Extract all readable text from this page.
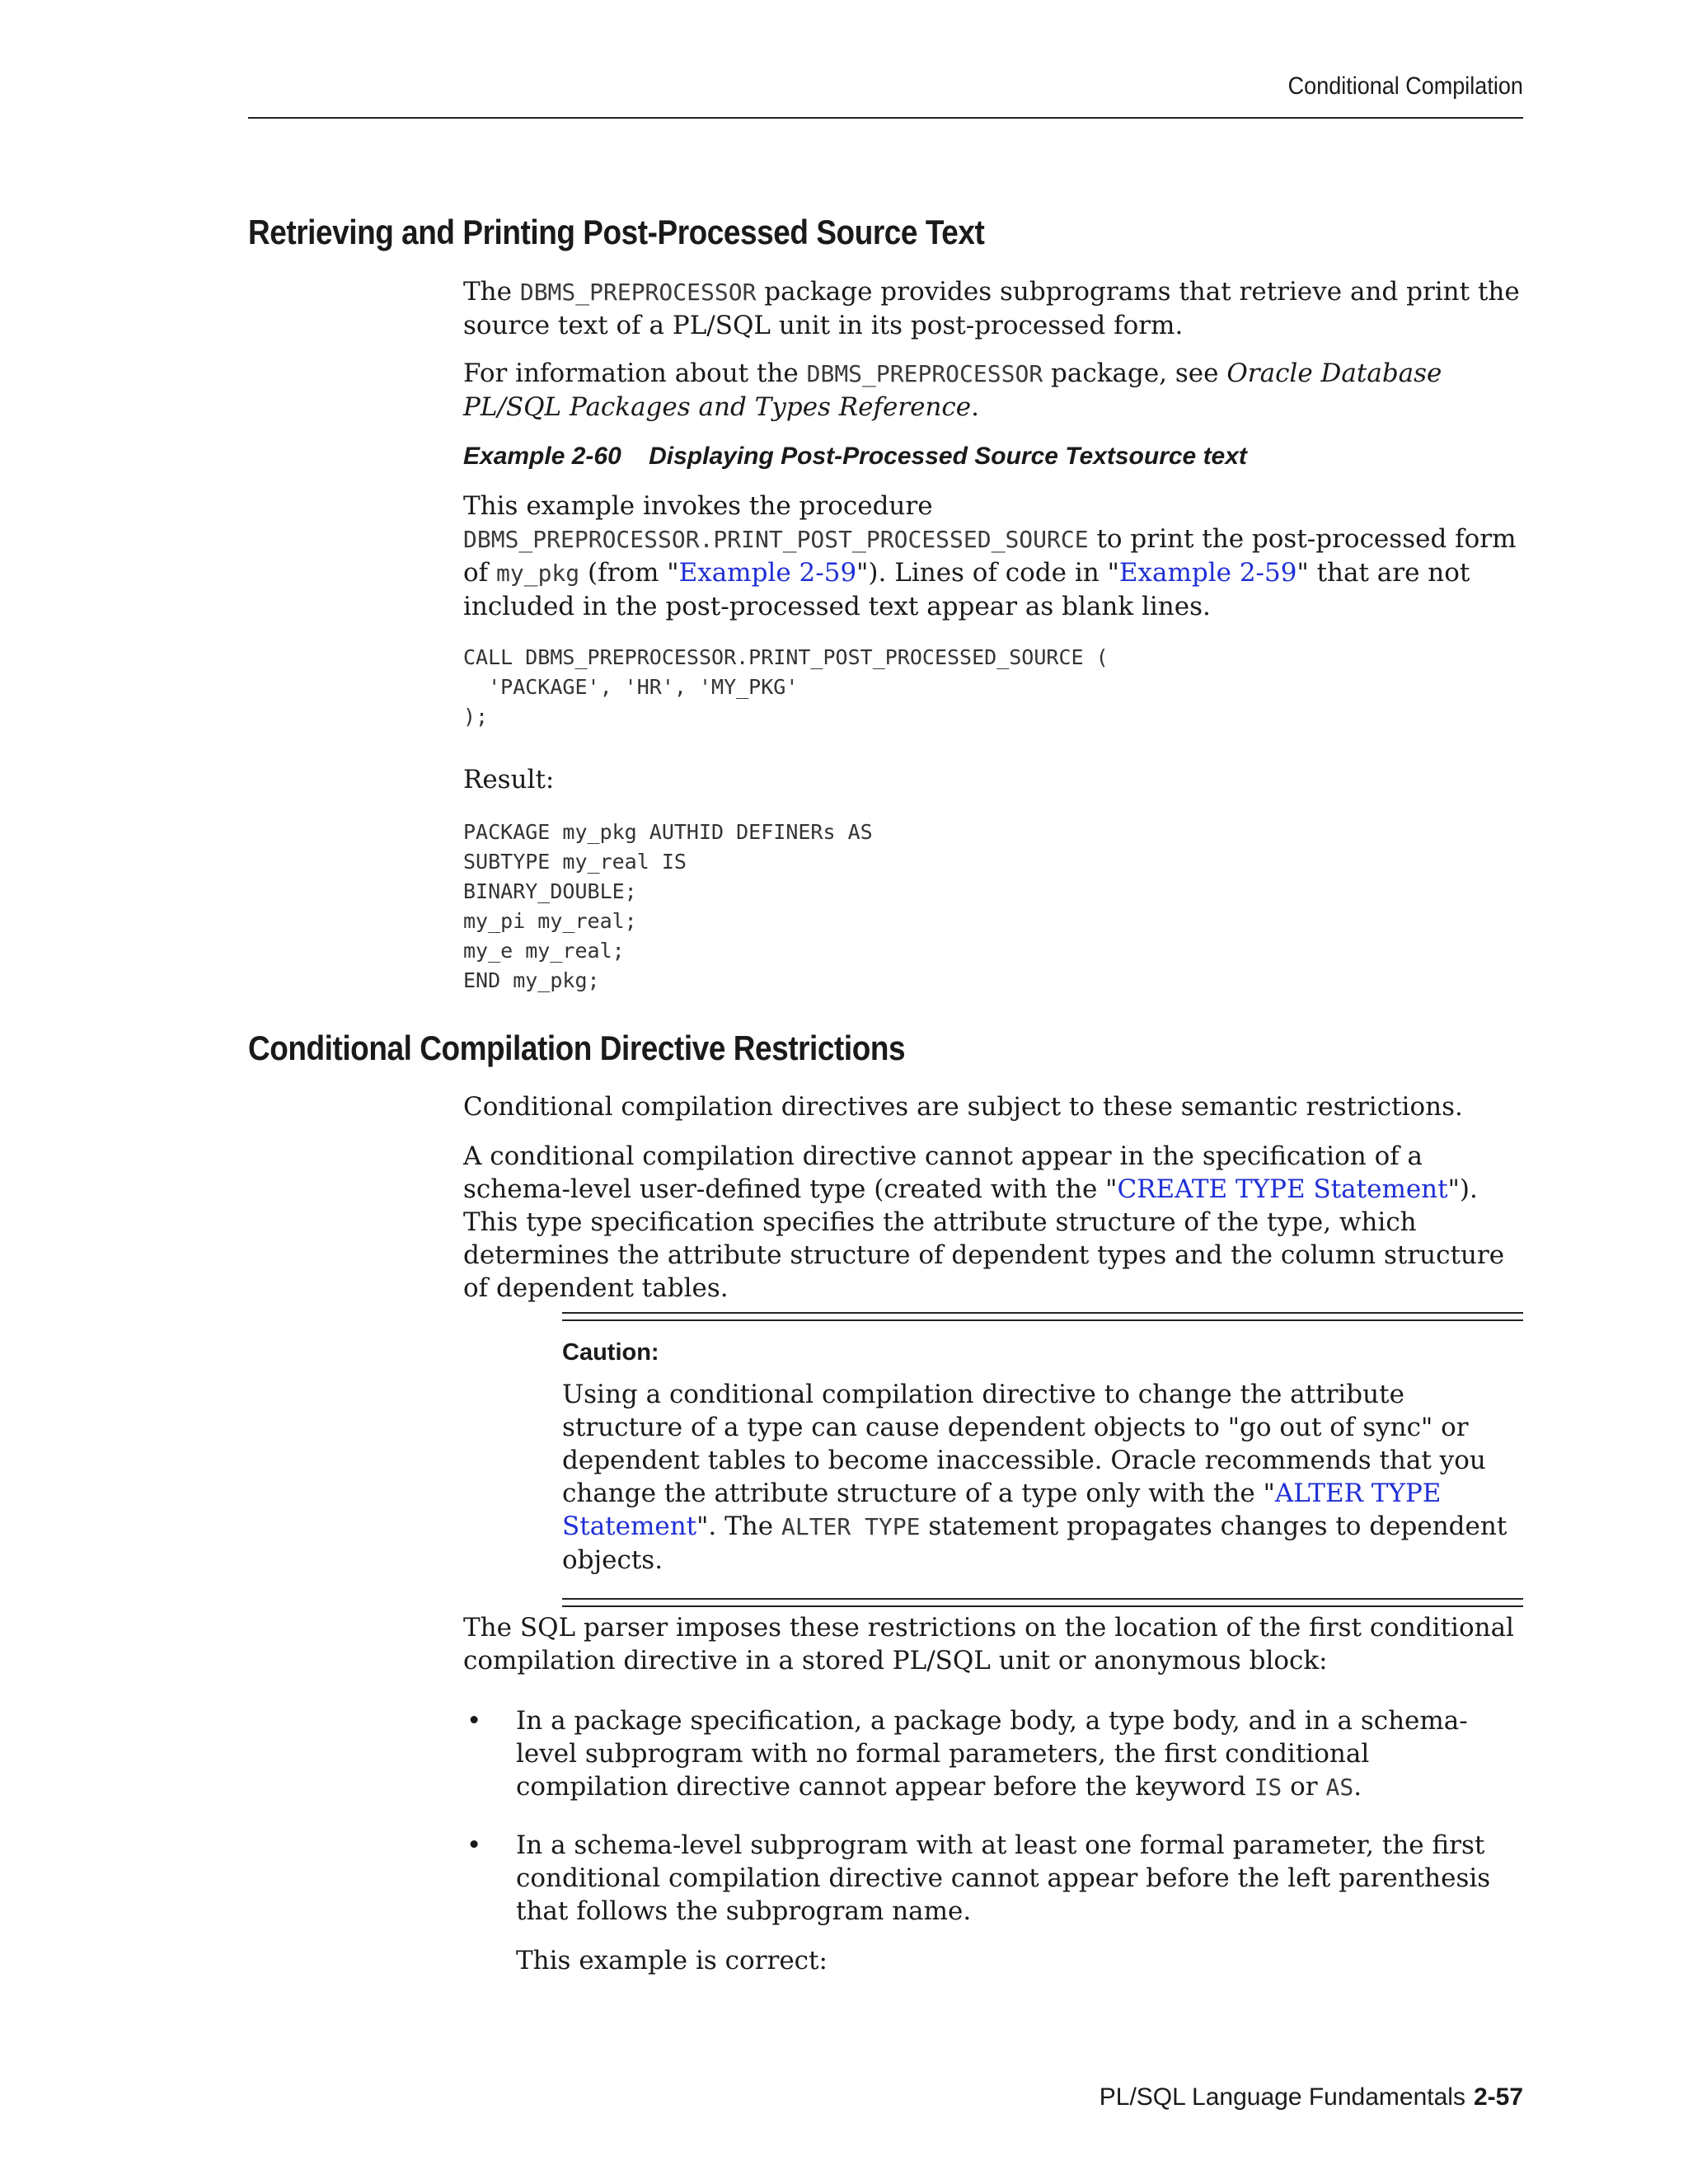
Conditional Compilation
Retrieving and Printing Post-Processed Source Text

The DBMS_PREPROCESSOR package provides subprograms that retrieve and print the source text of a PL/SQL unit in its post-processed form.

For information about the DBMS_PREPROCESSOR package, see Oracle Database PL/SQL Packages and Types Reference.

Example 2-60    Displaying Post-Processed Source Textsource text

This example invokes the procedure DBMS_PREPROCESSOR.PRINT_POST_PROCESSED_SOURCE to print the post-processed form of my_pkg (from "Example 2-59"). Lines of code in "Example 2-59" that are not included in the post-processed text appear as blank lines.

CALL DBMS_PREPROCESSOR.PRINT_POST_PROCESSED_SOURCE (
'PACKAGE', 'HR', 'MY_PKG'
);

Result:

PACKAGE my_pkg AUTHID DEFINERs AS
SUBTYPE my_real IS
BINARY_DOUBLE;
my_pi my_real;
my_e my_real;
END my_pkg;
Conditional Compilation Directive Restrictions

Conditional compilation directives are subject to these semantic restrictions.

A conditional compilation directive cannot appear in the specification of a schema-level user-defined type (created with the "CREATE TYPE Statement"). This type specification specifies the attribute structure of the type, which determines the attribute structure of dependent types and the column structure of dependent tables.

Caution:

Using a conditional compilation directive to change the attribute structure of a type can cause dependent objects to "go out of sync" or dependent tables to become inaccessible. Oracle recommends that you change the attribute structure of a type only with the "ALTER TYPE Statement". The ALTER TYPE statement propagates changes to dependent objects.

The SQL parser imposes these restrictions on the location of the first conditional compilation directive in a stored PL/SQL unit or anonymous block:

• In a package specification, a package body, a type body, and in a schema-level subprogram with no formal parameters, the first conditional compilation directive cannot appear before the keyword IS or AS.
• In a schema-level subprogram with at least one formal parameter, the first conditional compilation directive cannot appear before the left parenthesis that follows the subprogram name.
This example is correct:
PL/SQL Language Fundamentals 2-57
